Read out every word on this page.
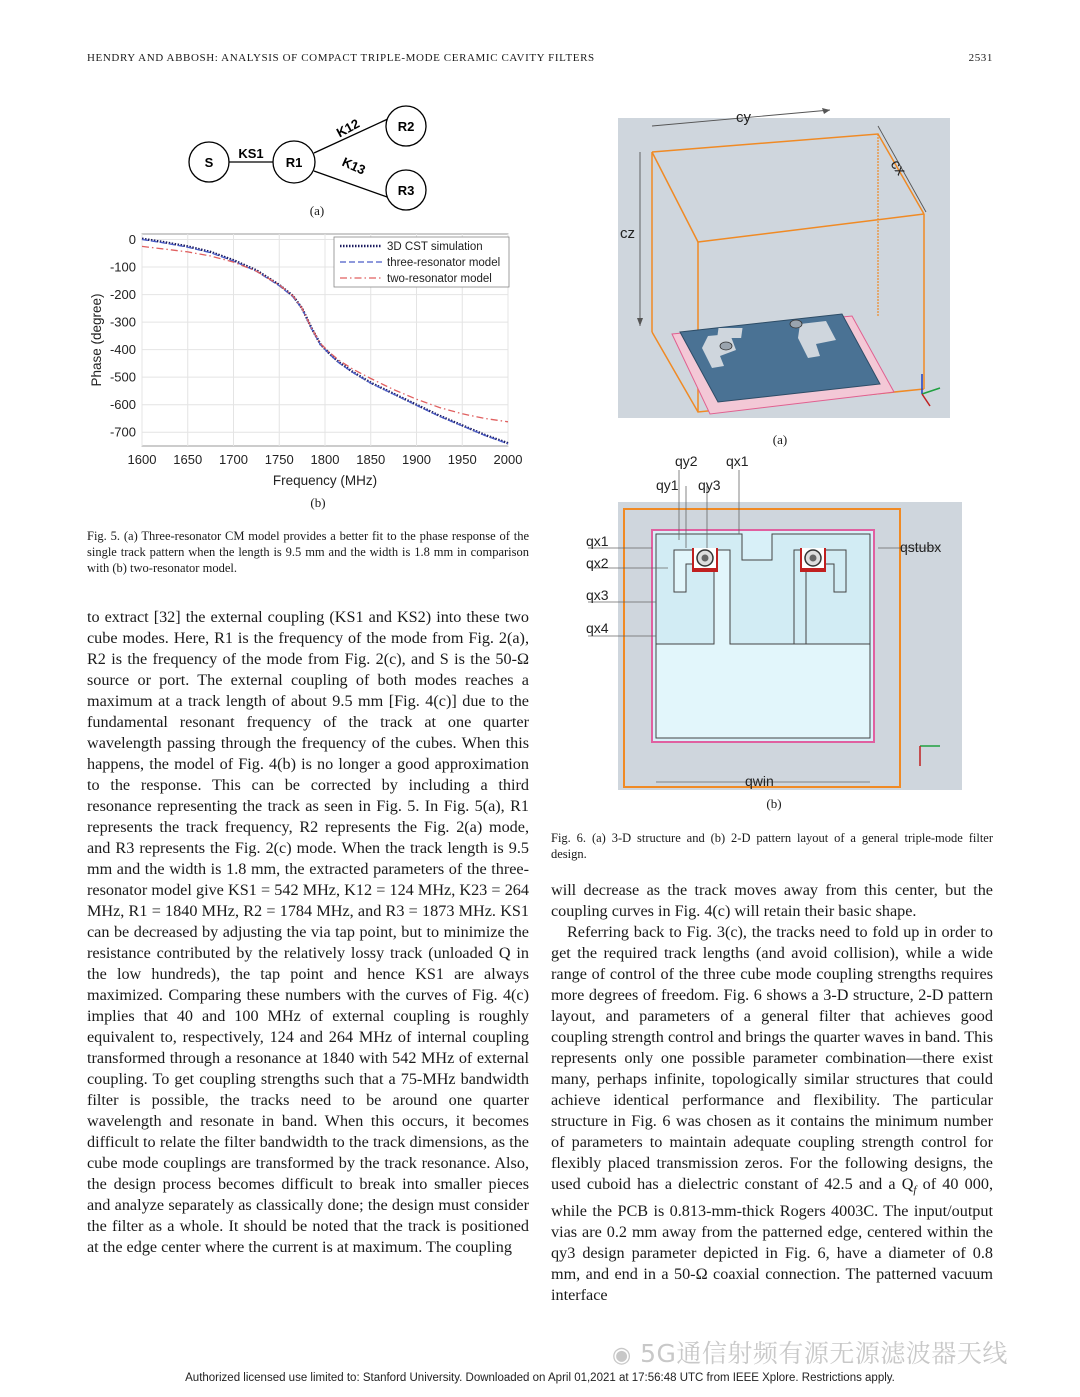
HENDRY AND ABBOSH: ANALYSIS OF COMPACT TRIPLE-MODE CERAMIC CAVITY FILTERS	2531
S	R1
R2
R3
KS1
K12
K13
(a)
1600 1650 1700 1750 1800 1850 1900 1950 2000
0
-100
-200
-300
-400
-500
-600
-700
3D CST simulation
three-resonator model
two-resonator model
Frequency (MHz)
Phase (degree)
(b)
Fig. 5. (a) Three-resonator CM model provides a better fit to the phase response of the single track pattern when the length is 9.5 mm and the width is 1.8 mm in comparison with (b) two-resonator model.

to extract [32] the external coupling (KS1 and KS2) into these two cube modes. Here, R1 is the frequency of the mode from Fig. 2(a), R2 is the frequency of the mode from Fig. 2(c), and S is the 50-Ω source or port. The external coupling of both modes reaches a maximum at a track length of about 9.5 mm [Fig. 4(c)] due to the fundamental resonant frequency of the track at one quarter wavelength passing through the frequency of the cubes. When this happens, the model of Fig. 4(b) is no longer a good approximation to the response. This can be corrected by including a third resonance representing the track as seen in Fig. 5. In Fig. 5(a), R1 represents the track frequency, R2 represents the Fig. 2(a) mode, and R3 represents the Fig. 2(c) mode. When the track length is 9.5 mm and the width is 1.8 mm, the extracted parameters of the three-resonator model give KS1 = 542 MHz, K12 = 124 MHz, K23 = 264 MHz, R1 = 1840 MHz, R2 = 1784 MHz, and R3 = 1873 MHz. KS1 can be decreased by adjusting the via tap point, but to minimize the resistance contributed by the relatively lossy track (unloaded Q in the low hundreds), the tap point and hence KS1 are always maximized. Comparing these numbers with the curves of Fig. 4(c) implies that 40 and 100 MHz of external coupling is roughly equivalent to, respectively, 124 and 264 MHz of internal coupling transformed through a resonance at 1840 with 542 MHz of external coupling. To get coupling strengths such that a 75-MHz bandwidth filter is possible, the tracks need to be around one quarter wavelength and resonate in band. When this occurs, it becomes difficult to relate the filter bandwidth to the track dimensions, as the cube mode couplings are transformed by the track resonance. Also, the design process becomes difficult to break into smaller pieces and analyze separately as classically done; the design must consider the filter as a whole. It should be noted that the track is positioned at the edge center where the current is at maximum. The coupling

cy
cx
cz
(a)
qy2 qx1
qy1 qy3
qx1	qstubx
qx2
qx3
qx4
qwin
(b)
Fig. 6. (a) 3-D structure and (b) 2-D pattern layout of a general triple-mode filter design.

will decrease as the track moves away from this center, but the coupling curves in Fig. 4(c) will retain their basic shape.

Referring back to Fig. 3(c), the tracks need to fold up in order to get the required track lengths (and avoid collision), while a wide range of control of the three cube mode coupling strengths requires more degrees of freedom. Fig. 6 shows a 3-D structure, 2-D pattern layout, and parameters of a general filter that achieves good coupling strength control and brings the quarter waves in band. This represents only one possible parameter combination—there exist many, perhaps infinite, topologically similar structures that could achieve identical performance and flexibility. The particular structure in Fig. 6 was chosen as it contains the minimum number of parameters to maintain adequate coupling strength control for flexibly placed transmission zeros. For the following designs, the used cuboid has a dielectric constant of 42.5 and a $Q_f$ of 40 000, while the PCB is 0.813-mm-thick Rogers 4003C. The input/output vias are 0.2 mm away from the patterned edge, centered within the qy3 design parameter depicted in Fig. 6, have a diameter of 0.8 mm, and end in a 50-Ω coaxial connection. The patterned vacuum interface

◉ 5G通信射频有源无源滤波器天线
Authorized licensed use limited to: Stanford University. Downloaded on April 01,2021 at 17:56:48 UTC from IEEE Xplore. Restrictions apply.
